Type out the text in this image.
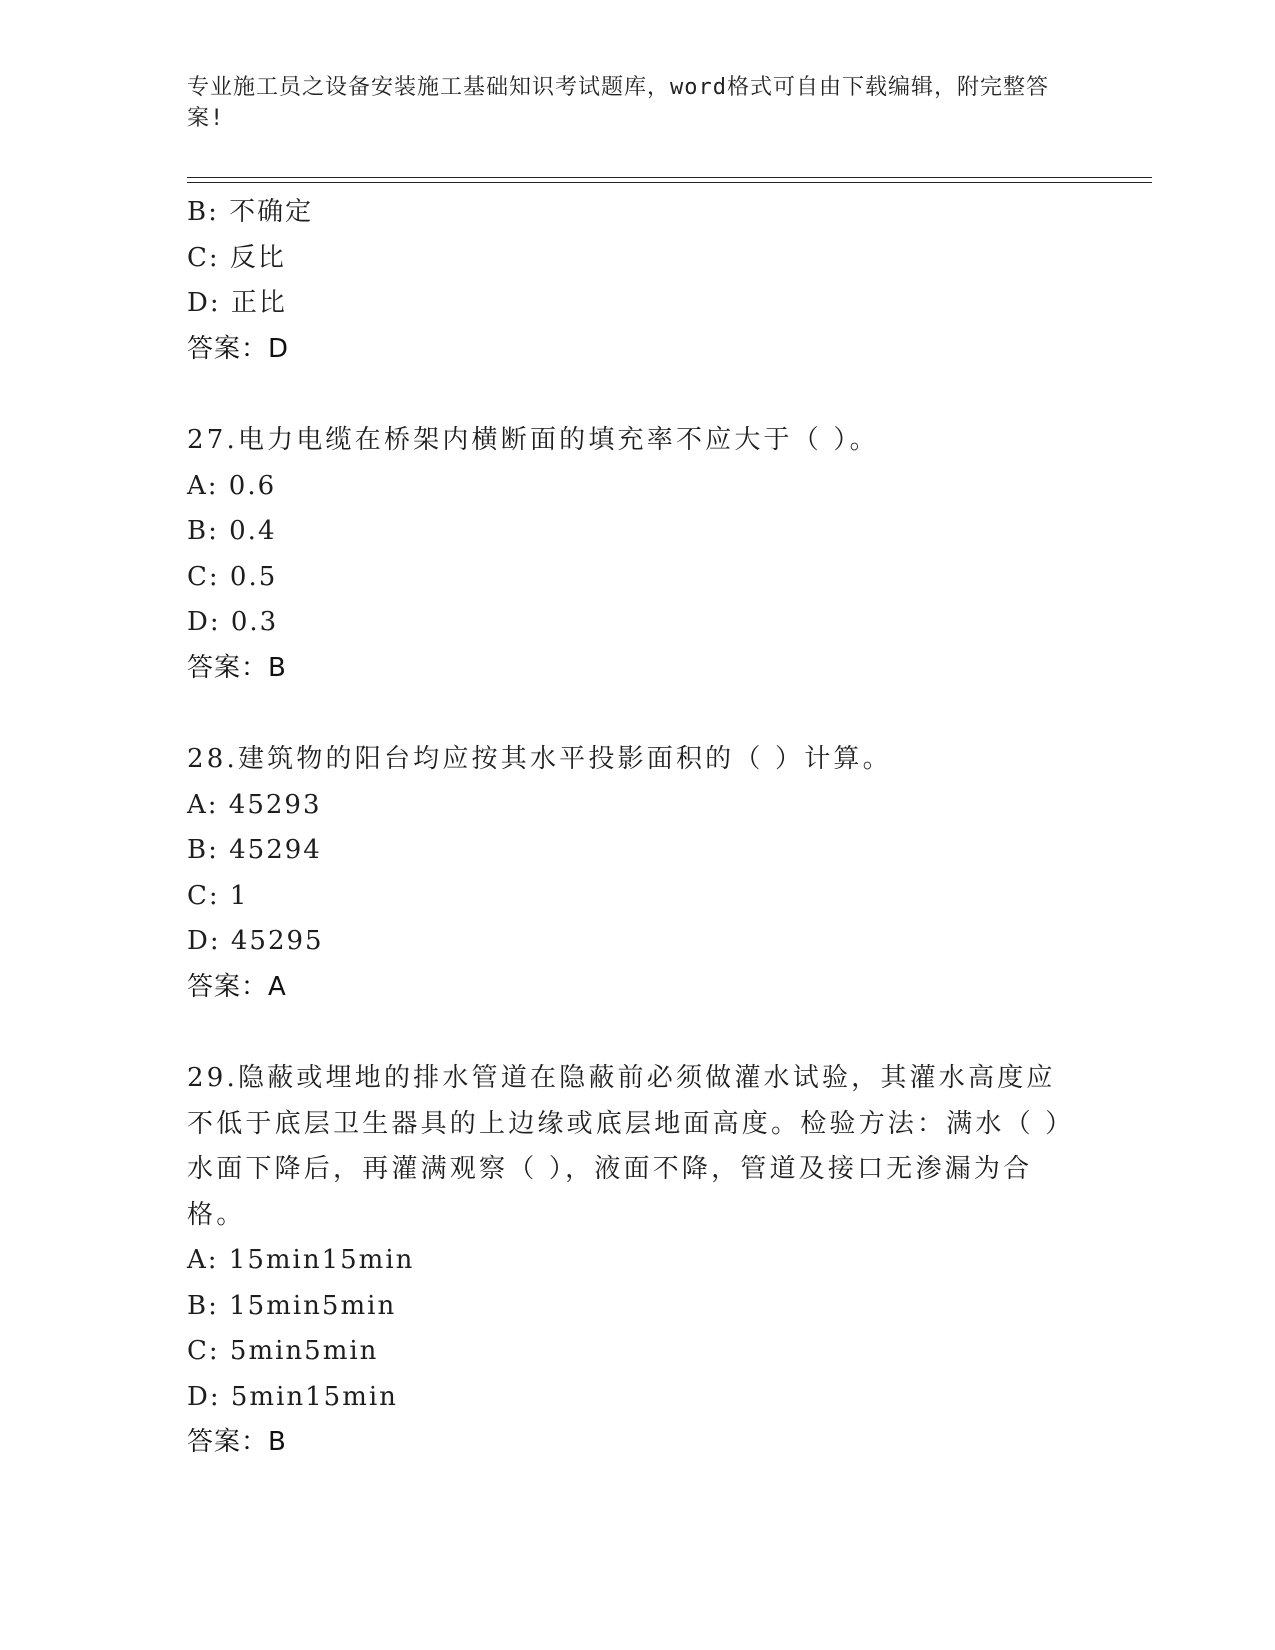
专业施工员之设备安装施工基础知识考试题库，word格式可自由下载编辑，附完整答案!
B: 不确定
C: 反比
D: 正比
答案：D
27.电力电缆在桥架内横断面的填充率不应大于（ ）。
A: 0.6
B: 0.4
C: 0.5
D: 0.3
答案：B
28.建筑物的阳台均应按其水平投影面积的（ ）计算。
A: 45293
B: 45294
C: 1
D: 45295
答案：A
29.隐蔽或埋地的排水管道在隐蔽前必须做灌水试验，其灌水高度应不低于底层卫生器具的上边缘或底层地面高度。检验方法：满水（ ）水面下降后，再灌满观察（ ），液面不降，管道及接口无渗漏为合格。
A: 15min15min
B: 15min5min
C: 5min5min
D: 5min15min
答案：B
